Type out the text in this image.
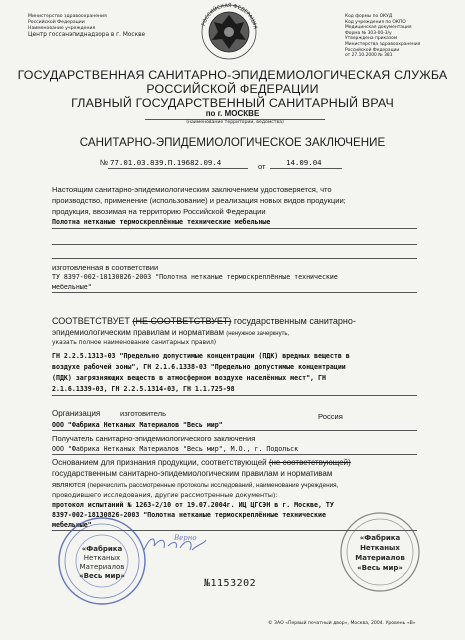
Министерство здравоохранения
Российской Федерации
Наименование учреждения
Центр госсанэпиднадзора в г. Москве
РОССИЙСКАЯ ФЕДЕРАЦИЯ
Код формы по ОКУД
Код учреждения по ОКПО
Медицинская документация
Форма № 303-00-3/у
Утверждена приказом
Министерства здравоохранения
Российской Федерации
от 27.10.2000 № 381
ГОСУДАРСТВЕННАЯ САНИТАРНО-ЭПИДЕМИОЛОГИЧЕСКАЯ СЛУЖБА
РОССИЙСКОЙ ФЕДЕРАЦИИ
ГЛАВНЫЙ ГОСУДАРСТВЕННЫЙ САНИТАРНЫЙ ВРАЧ
по г. МОСКВЕ
(наименование территории, ведомства)
САНИТАРНО-ЭПИДЕМИОЛОГИЧЕСКОЕ ЗАКЛЮЧЕНИЕ
№ 77.01.03.839.П.19682.09.4	от	14.09.04
Настоящим санитарно-эпидемиологическим заключением удостоверяется, что
производство, применение (использование) и реализация новых видов продукции;
продукция, ввозимая на территорию Российской Федерации
Полотна нетканые термоскреплённые технические мебельные
изготовленная в соответствии
ТУ 8397-002-18130826-2003 "Полотна нетканые термоскреплённые технические
мебельные"
СООТВЕТСТВУЕТ (НЕ СООТВЕТСТВУЕТ) государственным санитарно-
эпидемиологическим правилам и нормативам (ненужное зачеркнуть,
указать полное наименование санитарных правил)
ГН 2.2.5.1313-03 "Предельно допустимые концентрации (ПДК) вредных веществ в
воздухе рабочей зоны", ГН 2.1.6.1338-03 "Предельно допустимые концентрации
(ПДК) загрязняющих веществ в атмосферном воздухе населённых мест", ГН
2.1.6.1339-03, ГН 2.2.5.1314-03, ГН 1.1.725-98
Организация	изготовитель	Россия
ООО "Фабрика Нетканых Материалов "Весь мир"
Получатель санитарно-эпидемиологического заключения
ООО "Фабрика Нетканых Материалов "Весь мир", М.О., г. Подольск
Основанием для признания продукции, соответствующей (не соответствующей)
государственным санитарно-эпидемиологическим правилам и нормативам
являются (перечислить рассмотренные протоколы исследований, наименование учреждения,
проводившего исследования, другие рассмотренные документы):
протокол испытаний № 1263-2/10 от 19.07.2004г. ИЦ ЦГСЭН в г. Москве, ТУ
8397-002-18130826-2003 "Полотна нетканые термоскреплённые технические
мебельные"
«Фабрика
Нетканых
Материалов
«Весь мир»
Верно	«Фабрика
Нетканых
Материалов
«Весь мир»
№1153202
© ЗАО «Первый печатный двор», Москва, 2004. Уровень «В»
